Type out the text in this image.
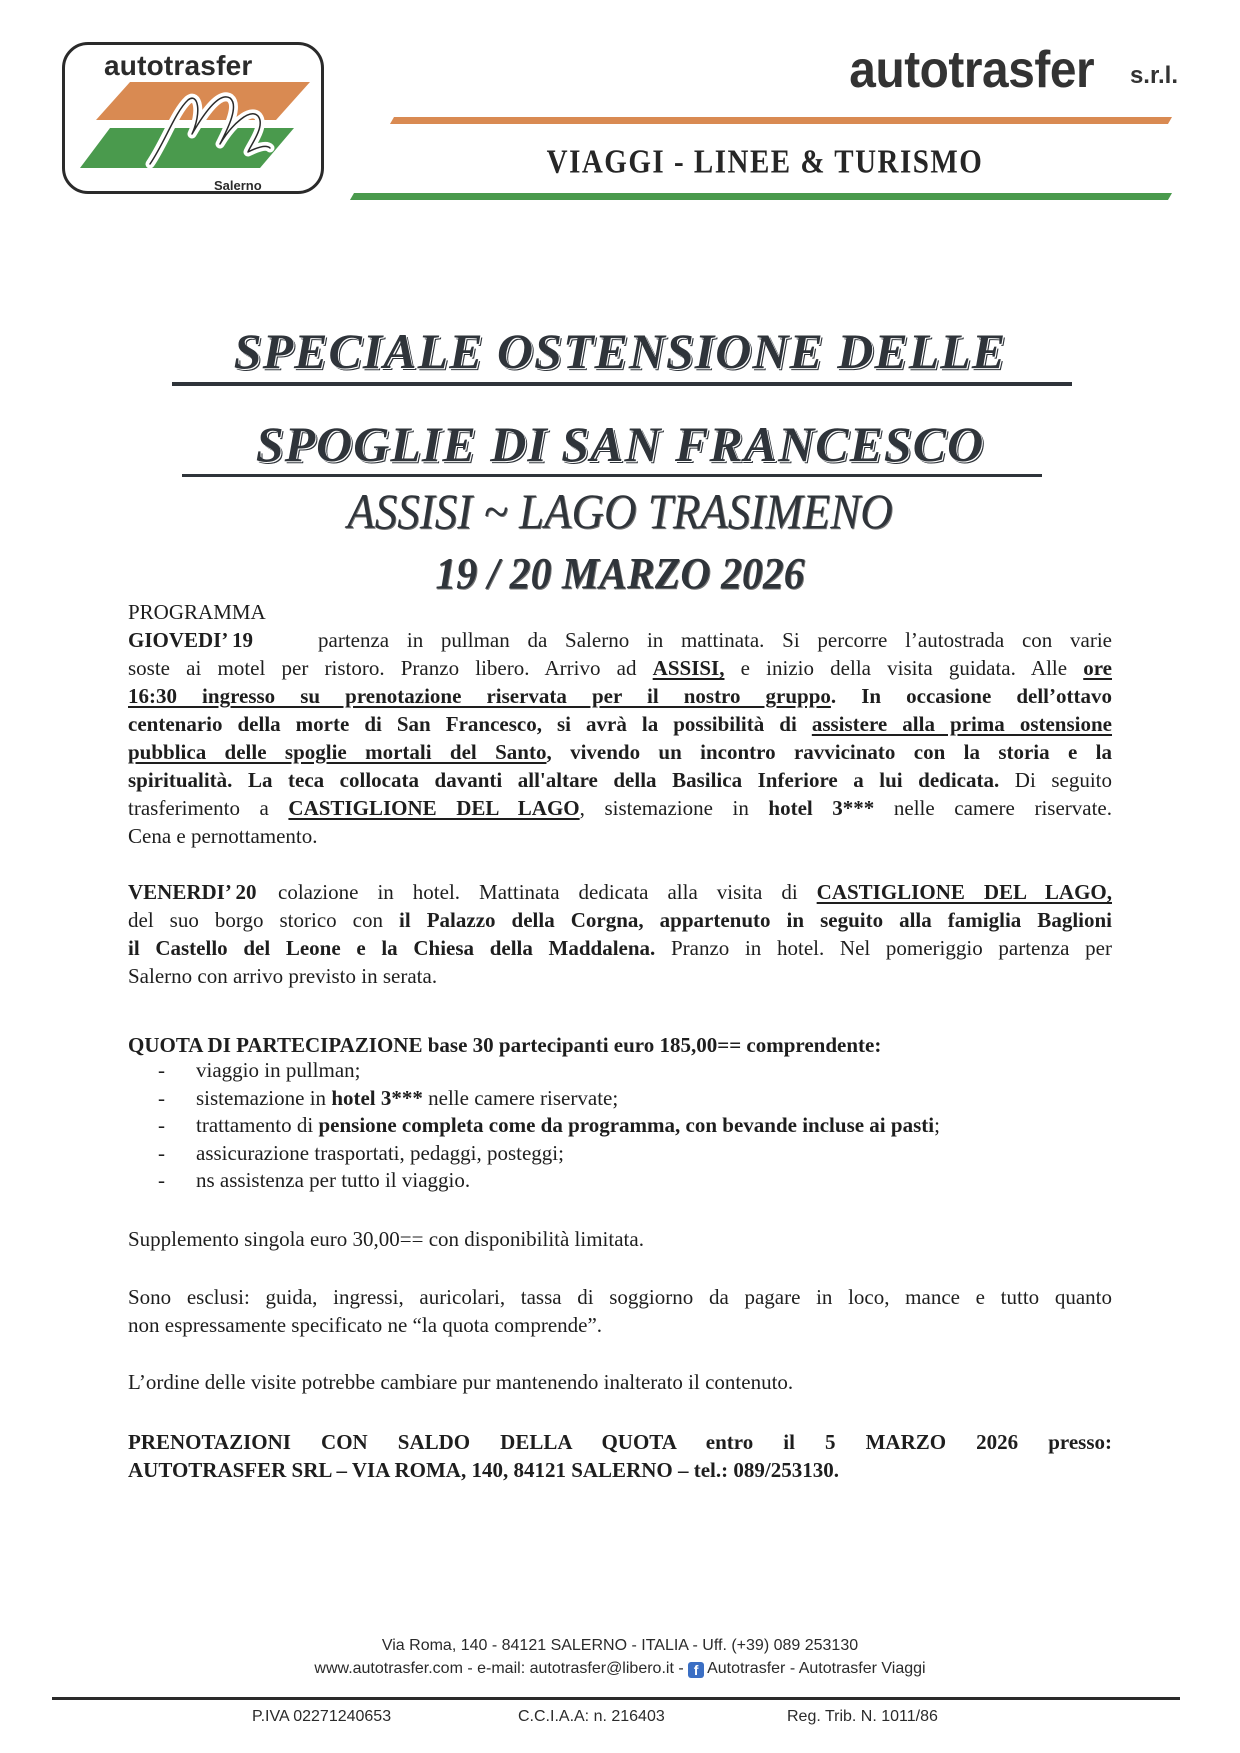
autotrasfer
Salerno
autotrasfer s.r.l.
VIAGGI - LINEE & TURISMO
SPECIALE OSTENSIONE DELLE
SPOGLIE DI SAN FRANCESCO
ASSISI ~ LAGO TRASIMENO
19 / 20 MARZO 2026
PROGRAMMA
GIOVEDI’ 19	partenza in pullman da Salerno in mattinata. Si percorre l’autostrada con varie
soste ai motel per ristoro. Pranzo libero. Arrivo ad ASSISI, e inizio della visita guidata. Alle ore
16:30 ingresso su prenotazione riservata per il nostro gruppo. In occasione dell’ottavo
centenario della morte di San Francesco, si avrà la possibilità di assistere alla prima ostensione
pubblica delle spoglie mortali del Santo, vivendo un incontro ravvicinato con la storia e la
spiritualità. La teca collocata davanti all'altare della Basilica Inferiore a lui dedicata. Di seguito
trasferimento a CASTIGLIONE DEL LAGO, sistemazione in hotel 3*** nelle camere riservate.
Cena e pernottamento.
VENERDI’ 20 colazione in hotel. Mattinata dedicata alla visita di CASTIGLIONE DEL LAGO,
del suo borgo storico con il Palazzo della Corgna, appartenuto in seguito alla famiglia Baglioni
il Castello del Leone e la Chiesa della Maddalena. Pranzo in hotel. Nel pomeriggio partenza per
Salerno con arrivo previsto in serata.
QUOTA DI PARTECIPAZIONE base 30 partecipanti euro 185,00== comprendente:
- viaggio in pullman;
- sistemazione in hotel 3*** nelle camere riservate;
- trattamento di pensione completa come da programma, con bevande incluse ai pasti;
- assicurazione trasportati, pedaggi, posteggi;
- ns assistenza per tutto il viaggio.
Supplemento singola euro 30,00== con disponibilità limitata.
Sono esclusi: guida, ingressi, auricolari, tassa di soggiorno da pagare in loco, mance e tutto quanto
non espressamente specificato ne “la quota comprende”.
L’ordine delle visite potrebbe cambiare pur mantenendo inalterato il contenuto.
PRENOTAZIONI CON SALDO DELLA QUOTA entro il 5 MARZO 2026 presso:
AUTOTRASFER SRL – VIA ROMA, 140, 84121 SALERNO – tel.: 089/253130.
Via Roma, 140 - 84121 SALERNO - ITALIA - Uff. (+39) 089 253130
www.autotrasfer.com - e-mail: autotrasfer@libero.it - f Autotrasfer - Autotrasfer Viaggi
P.IVA 02271240653	C.C.I.A.A: n. 216403	Reg. Trib. N. 1011/86
